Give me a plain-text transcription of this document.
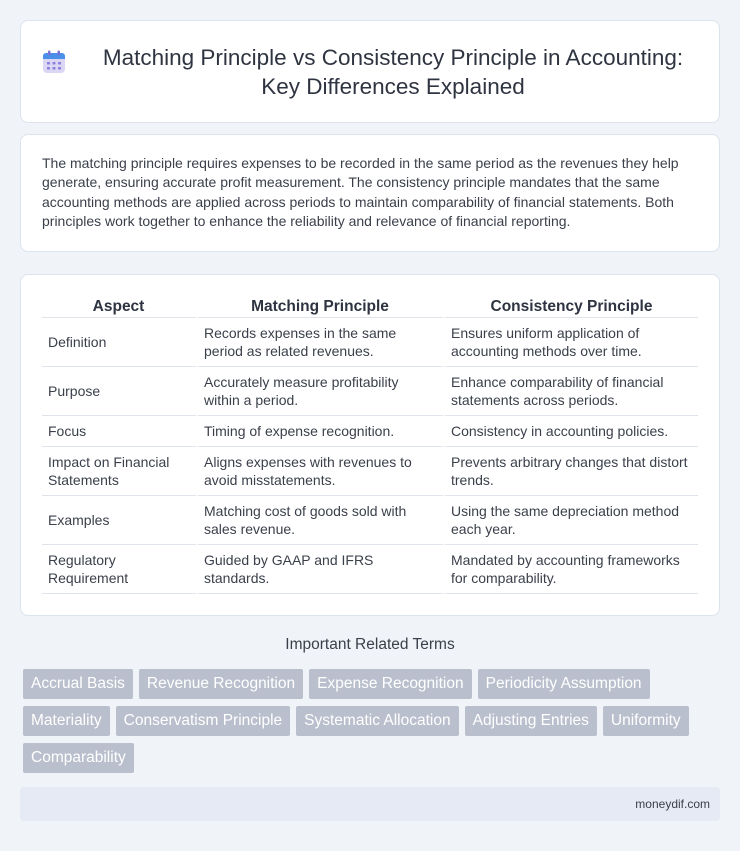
Matching Principle vs Consistency Principle in Accounting: Key Differences Explained

The matching principle requires expenses to be recorded in the same period as the revenues they help generate, ensuring accurate profit measurement. The consistency principle mandates that the same accounting methods are applied across periods to maintain comparability of financial statements. Both principles work together to enhance the reliability and relevance of financial reporting.

Aspect	Matching Principle	Consistency Principle
Definition	Records expenses in the same period as related revenues.	Ensures uniform application of accounting methods over time.
Purpose	Accurately measure profitability within a period.	Enhance comparability of financial statements across periods.
Focus	Timing of expense recognition.	Consistency in accounting policies.
Impact on Financial Statements	Aligns expenses with revenues to avoid misstatements.	Prevents arbitrary changes that distort trends.
Examples	Matching cost of goods sold with sales revenue.	Using the same depreciation method each year.
Regulatory Requirement	Guided by GAAP and IFRS standards.	Mandated by accounting frameworks for comparability.
Important Related Terms
Accrual Basis	Revenue Recognition	Expense Recognition	Periodicity Assumption
Materiality	Conservatism Principle	Systematic Allocation	Adjusting Entries	Uniformity
Comparability
moneydif.com
